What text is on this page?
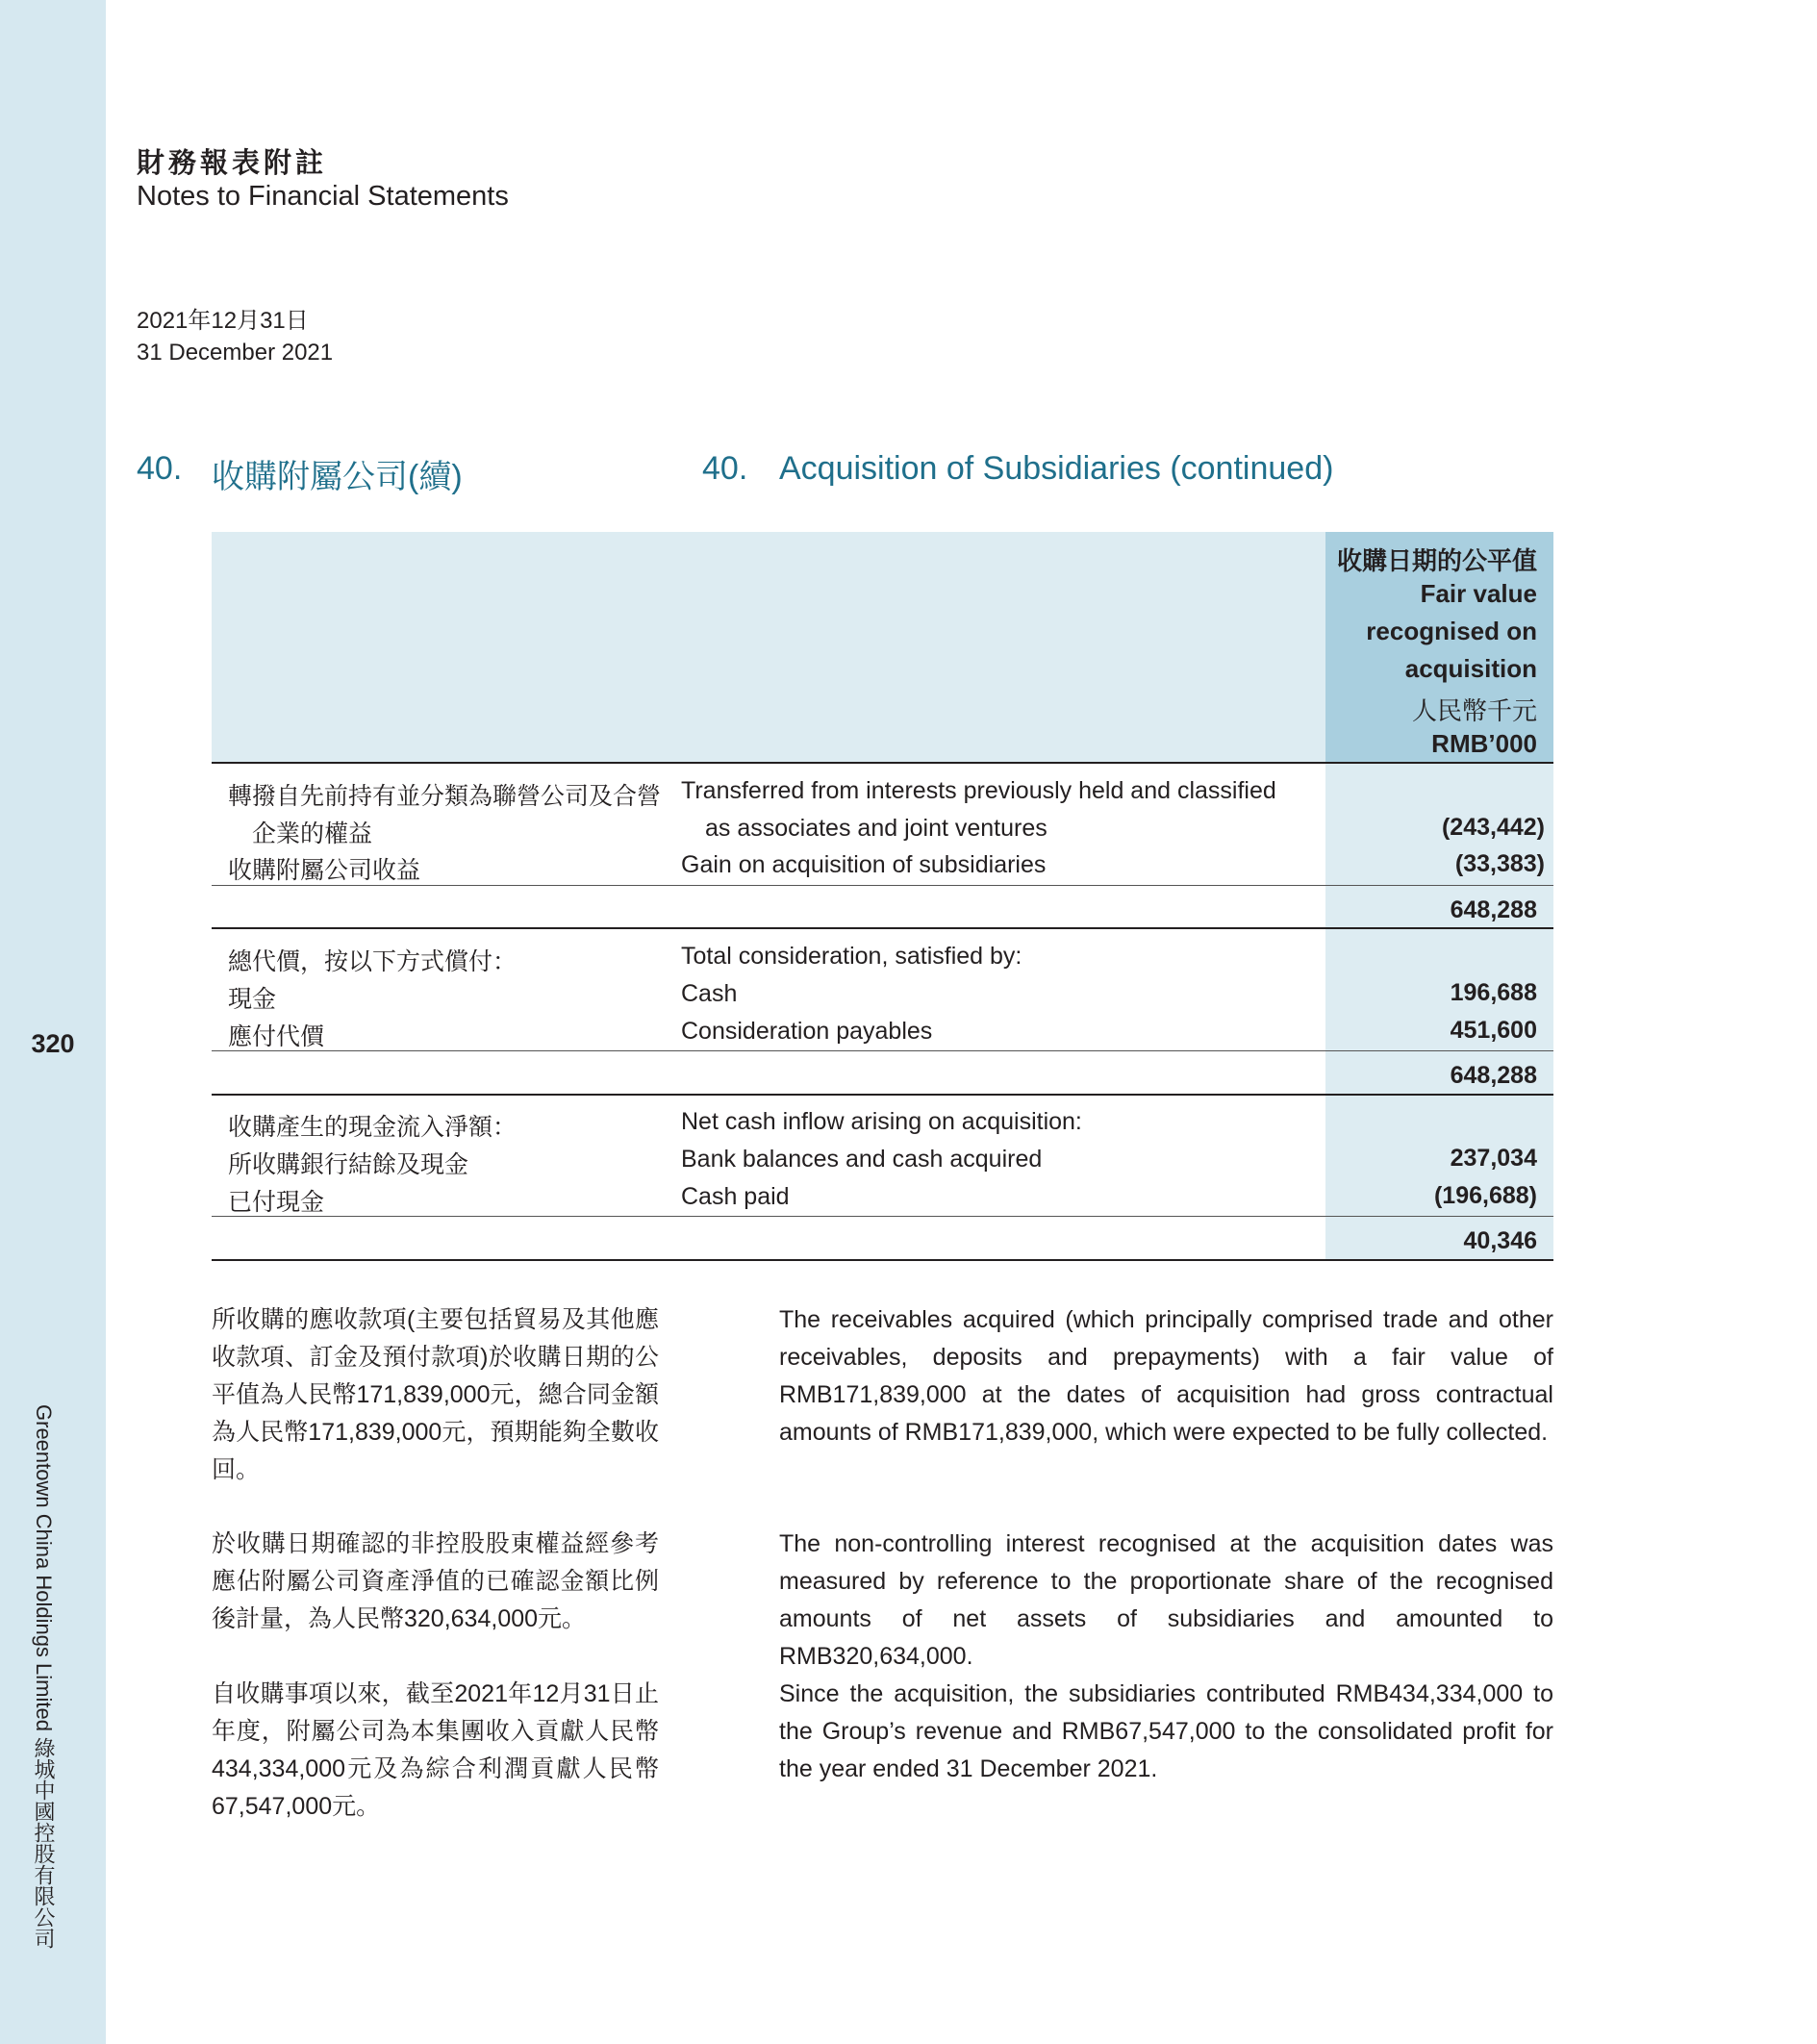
320
Greentown China Holdings Limited 綠城中國控股有限公司
財務報表附註
Notes to Financial Statements
2021年12月31日
31 December 2021
40. 收購附屬公司(續)	40. Acquisition of Subsidiaries (continued)
收購日期的公平值
Fair value
recognised on
acquisition
人民幣千元
RMB’000
轉撥自先前持有並分類為聯營公司及合營
企業的權益
Transferred from interests previously held and classified
as associates and joint ventures	(243,442)
收購附屬公司收益	Gain on acquisition of subsidiaries	(33,383)
648,288
總代價，按以下方式償付：	Total consideration, satisfied by:
現金	Cash	196,688
應付代價	Consideration payables	451,600
648,288
收購產生的現金流入淨額：	Net cash inflow arising on acquisition:
所收購銀行結餘及現金	Bank balances and cash acquired	237,034
已付現金	Cash paid	(196,688)
40,346
所收購的應收款項(主要包括貿易及其他應收款項、訂金及預付款項)於收購日期的公平值為人民幣171,839,000元，總合同金額為人民幣171,839,000元，預期能夠全數收回。
The receivables acquired (which principally comprised trade and other receivables, deposits and prepayments) with a fair value of RMB171,839,000 at the dates of acquisition had gross contractual amounts of RMB171,839,000, which were expected to be fully collected.
於收購日期確認的非控股股東權益經參考應佔附屬公司資產淨值的已確認金額比例後計量，為人民幣320,634,000元。
The non-controlling interest recognised at the acquisition dates was measured by reference to the proportionate share of the recognised amounts of net assets of subsidiaries and amounted to RMB320,634,000.
自收購事項以來，截至2021年12月31日止年度，附屬公司為本集團收入貢獻人民幣434,334,000元及為綜合利潤貢獻人民幣67,547,000元。
Since the acquisition, the subsidiaries contributed RMB434,334,000 to the Group’s revenue and RMB67,547,000 to the consolidated profit for the year ended 31 December 2021.
